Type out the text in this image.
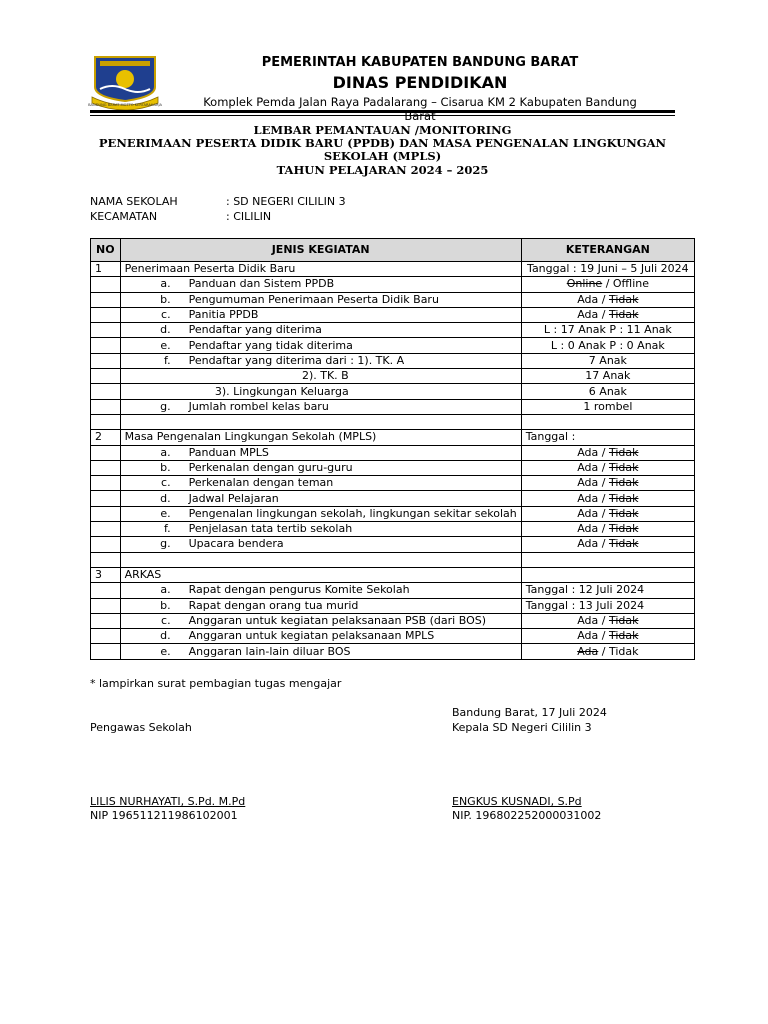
BANDUNG BARAT MOTTO KERTARAHARJA
PEMERINTAH KABUPATEN BANDUNG BARAT
DINAS PENDIDIKAN
Komplek Pemda Jalan Raya Padalarang – Cisarua KM 2 Kabupaten Bandung Barat
LEMBAR PEMANTAUAN /MONITORING
PENERIMAAN PESERTA DIDIK BARU (PPDB) DAN MASA PENGENALAN LINGKUNGAN
SEKOLAH (MPLS)
TAHUN PELAJARAN 2024 – 2025
NAMA SEKOLAH	: SD NEGERI CILILIN 3
KECAMATAN	: CILILIN
NO	JENIS KEGIATAN	KETERANGAN
1	Penerimaan Peserta Didik Baru	Tanggal : 19 Juni – 5 Juli 2024
	a. Panduan dan Sistem PPDB	Online / Offline
	b. Pengumuman Penerimaan Peserta Didik Baru	Ada / Tidak
	c. Panitia PPDB	Ada / Tidak
	d. Pendaftar yang diterima	L : 17 Anak P : 11 Anak
	e. Pendaftar yang tidak diterima	L : 0 Anak P : 0 Anak
	f. Pendaftar yang diterima dari : 1). TK. A	7 Anak
	2). TK. B	17 Anak
	3). Lingkungan Keluarga	6 Anak
	g. Jumlah rombel kelas baru	1 rombel

2	Masa Pengenalan Lingkungan Sekolah (MPLS)	Tanggal :
	a. Panduan MPLS	Ada / Tidak
	b. Perkenalan dengan guru-guru	Ada / Tidak
	c. Perkenalan dengan teman	Ada / Tidak
	d. Jadwal Pelajaran	Ada / Tidak
	e. Pengenalan lingkungan sekolah, lingkungan sekitar sekolah	Ada / Tidak
	f. Penjelasan tata tertib sekolah	Ada / Tidak
	g. Upacara bendera	Ada / Tidak

3	ARKAS	
	a. Rapat dengan pengurus Komite Sekolah	Tanggal : 12 Juli 2024
	b. Rapat dengan orang tua murid	Tanggal : 13 Juli 2024
	c. Anggaran untuk kegiatan pelaksanaan PSB (dari BOS)	Ada / Tidak
	d. Anggaran untuk kegiatan pelaksanaan MPLS	Ada / Tidak
	e. Anggaran lain-lain diluar BOS	Ada / Tidak
* lampirkan surat pembagian tugas mengajar
Bandung Barat, 17 Juli 2024
Pengawas Sekolah	Kepala SD Negeri Cililin 3
LILIS NURHAYATI, S.Pd. M.Pd
NIP 196511211986102001
ENGKUS KUSNADI, S.Pd
NIP. 196802252000031002
